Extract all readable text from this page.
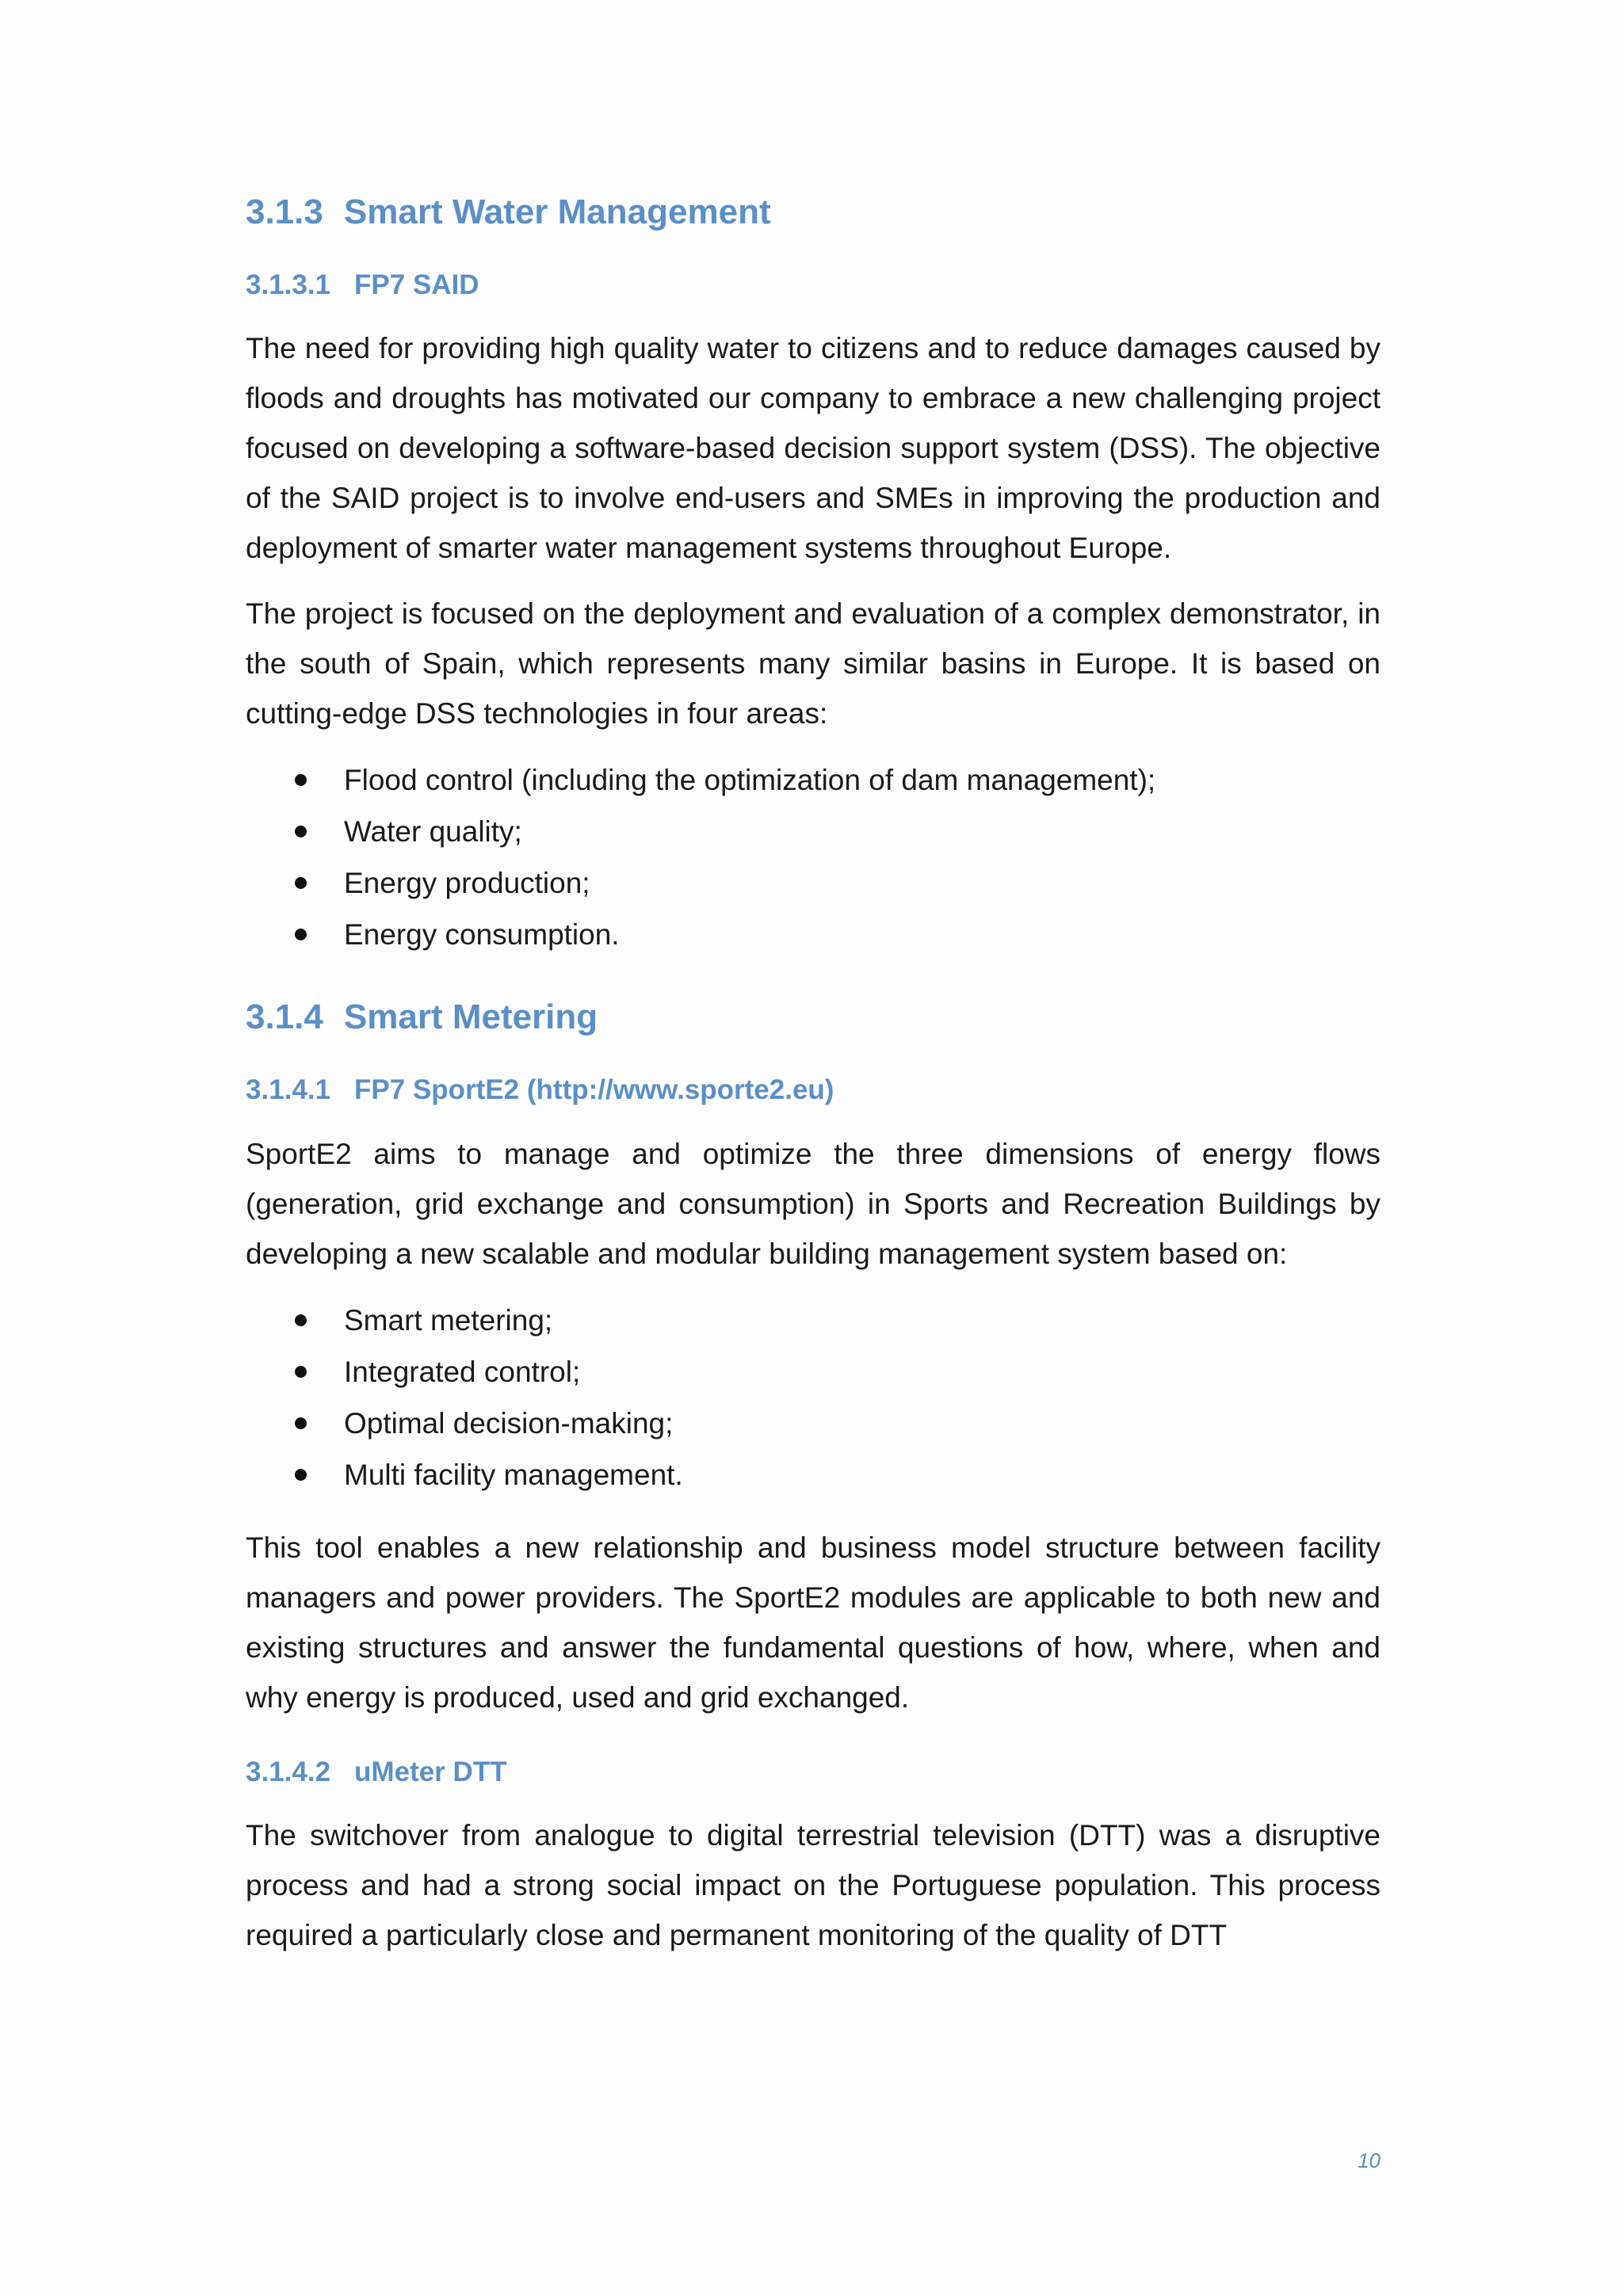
3.1.3 Smart Water Management
3.1.3.1 FP7 SAID

The need for providing high quality water to citizens and to reduce damages caused by floods and droughts has motivated our company to embrace a new challenging project focused on developing a software-based decision support system (DSS). The objective of the SAID project is to involve end-users and SMEs in improving the production and deployment of smarter water management systems throughout Europe.

The project is focused on the deployment and evaluation of a complex demonstrator, in the south of Spain, which represents many similar basins in Europe. It is based on cutting-edge DSS technologies in four areas:

Flood control (including the optimization of dam management);
Water quality;
Energy production;
Energy consumption.
3.1.4 Smart Metering
3.1.4.1 FP7 SportE2 (http://www.sporte2.eu)

SportE2 aims to manage and optimize the three dimensions of energy flows (generation, grid exchange and consumption) in Sports and Recreation Buildings by developing a new scalable and modular building management system based on:

Smart metering;
Integrated control;
Optimal decision-making;
Multi facility management.

This tool enables a new relationship and business model structure between facility managers and power providers. The SportE2 modules are applicable to both new and existing structures and answer the fundamental questions of how, where, when and why energy is produced, used and grid exchanged.

3.1.4.2 uMeter DTT

The switchover from analogue to digital terrestrial television (DTT) was a disruptive process and had a strong social impact on the Portuguese population. This process required a particularly close and permanent monitoring of the quality of DTT

10
